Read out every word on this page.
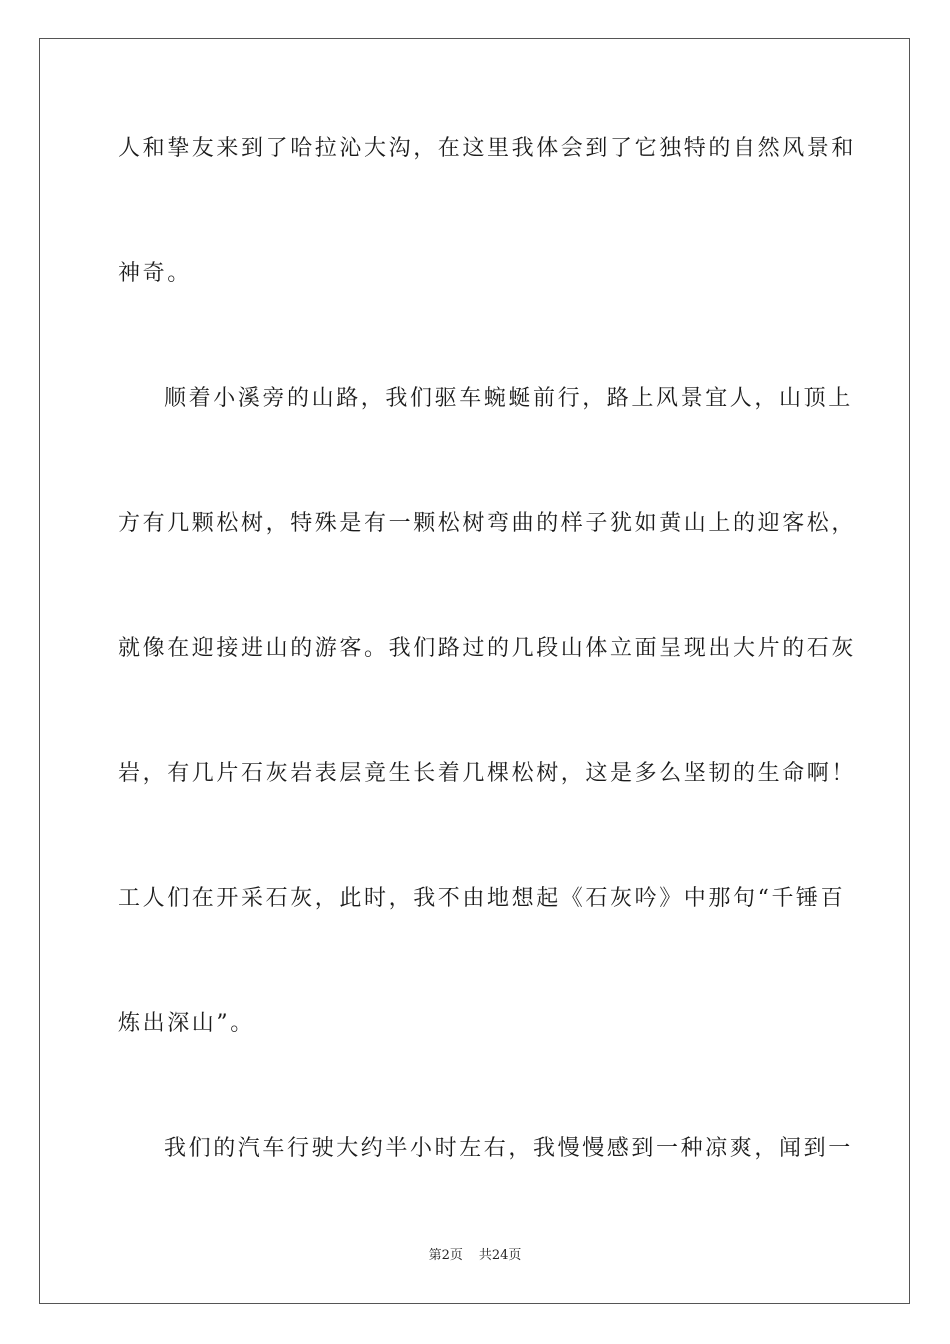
人和挚友来到了哈拉沁大沟，在这里我体会到了它独特的自然风景和
神奇。
顺着小溪旁的山路，我们驱车蜿蜒前行，路上风景宜人，山顶上
方有几颗松树，特殊是有一颗松树弯曲的样子犹如黄山上的迎客松，
就像在迎接进山的游客。我们路过的几段山体立面呈现出大片的石灰
岩，有几片石灰岩表层竟生长着几棵松树，这是多么坚韧的生命啊！
工人们在开采石灰，此时，我不由地想起《石灰吟》中那句“千锤百
炼出深山”。
我们的汽车行驶大约半小时左右，我慢慢感到一种凉爽，闻到一
第2页 共24页
